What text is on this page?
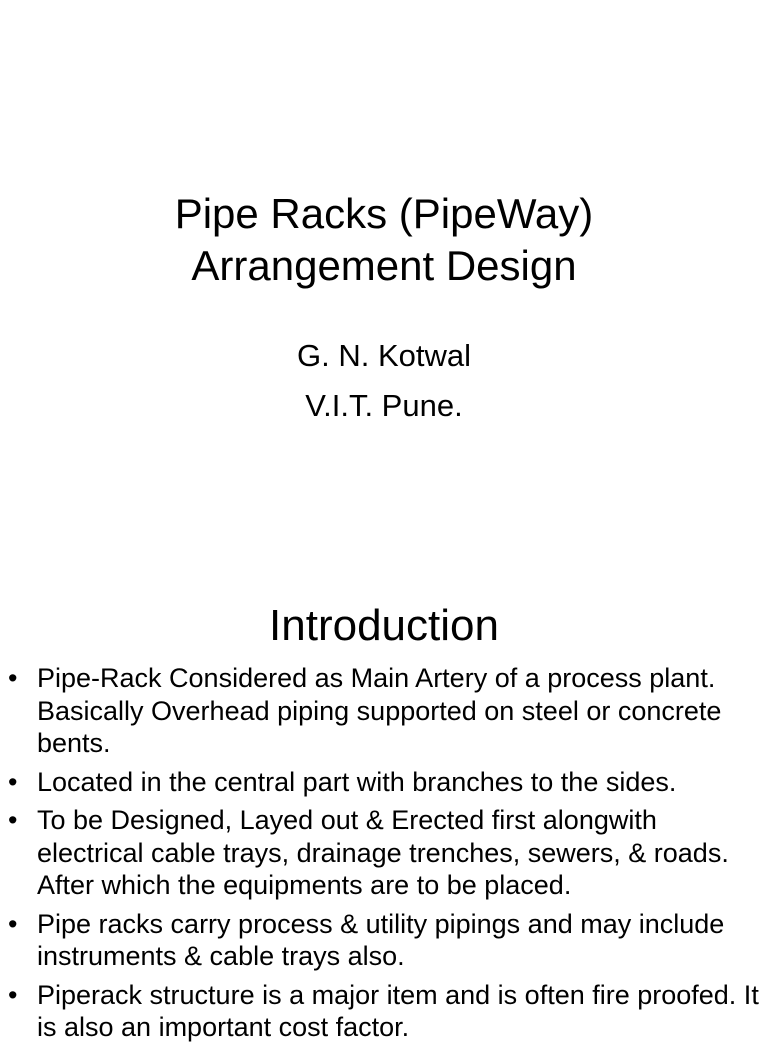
Pipe Racks (PipeWay)
Arrangement Design
G. N. Kotwal
V.I.T. Pune.
Introduction
• Pipe-Rack Considered as Main Artery of a process plant. Basically Overhead piping supported on steel or concrete bents.
• Located in the central part with branches to the sides.
• To be Designed, Layed out & Erected first alongwith electrical cable trays, drainage trenches, sewers, & roads. After which the equipments are to be placed.
• Pipe racks carry process & utility pipings and may include instruments & cable trays also.
• Piperack structure is a major item and is often fire proofed. It is also an important cost factor.
